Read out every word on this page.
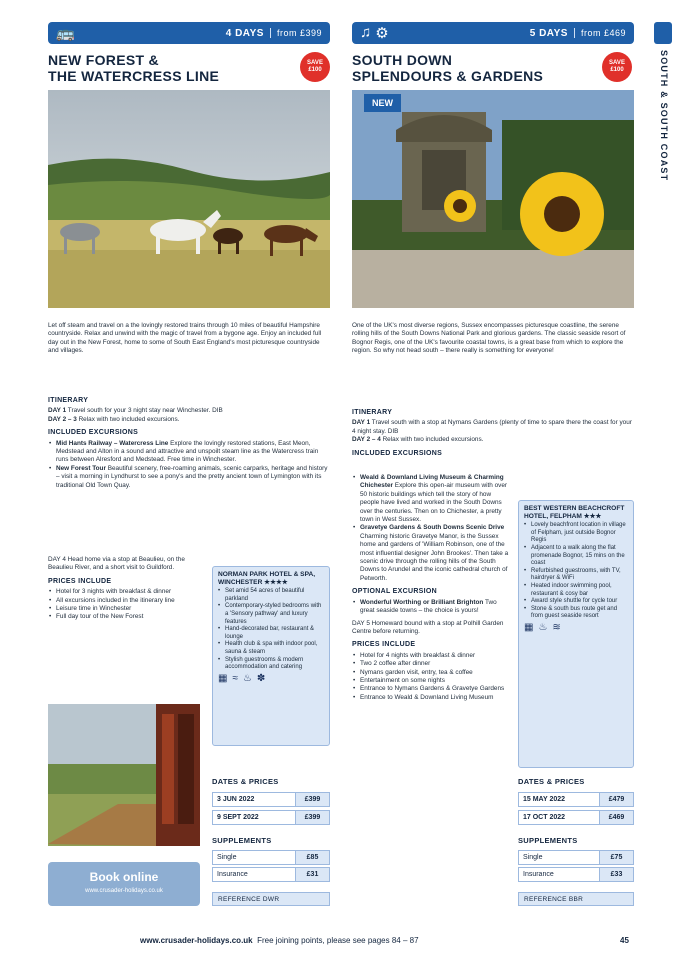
SOUTH & SOUTH COAST
🚌	4 DAYS from £399
NEW FOREST &
THE WATERCRESS LINE
SAVE £100
Let off steam and travel on a the lovingly restored trains through 10 miles of beautiful Hampshire countryside. Relax and unwind with the magic of travel from a bygone age. Enjoy an included full day out in the New Forest, home to some of South East England's most picturesque countryside and villages.
ITINERARY
DAY 1 Travel south for your 3 night stay near Winchester. DIB
DAY 2 – 3 Relax with two included excursions.
INCLUDED EXCURSIONS
• Mid Hants Railway – Watercress Line Explore the lovingly restored stations, East Meon, Medstead and Alton in a sound and attractive and unspoilt steam line as the Watercress train runs between Alresford and Medstead. Free time in Winchester.
• New Forest Tour Beautiful scenery, free-roaming animals, scenic carparks, heritage and history – visit a morning in Lyndhurst to see a pony's and the pretty ancient town of Lymington with its traditional Old Town Quay.
DAY 4 Head home via a stop at Beaulieu, on the Beaulieu River, and a short visit to Guildford.
PRICES INCLUDE
• Hotel for 3 nights with breakfast & dinner
• All excursions included in the itinerary line
• Leisure time in Winchester
• Full day tour of the New Forest
NORMAN PARK HOTEL & SPA, WINCHESTER ★★★★
• Set amid 54 acres of beautiful parkland
• Contemporary-styled bedrooms with a 'Sensory pathway' and luxury features
• Hand-decorated bar, restaurant & lounge
• Health club & spa with indoor pool, sauna & steam
• Stylish guestrooms & modern accommodation and catering
▦ ≈ ♨ ✽
Book online
www.crusader-holidays.co.uk
DATES & PRICES
3 JUN 2022	£399
9 SEPT 2022	£399
SUPPLEMENTS
Single	£85
Insurance	£31
REFERENCE DWR
♫ ⚙	5 DAYS from £469
SOUTH DOWN
SPLENDOURS & GARDENS
SAVE £100
NEW
One of the UK's most diverse regions, Sussex encompasses picturesque coastline, the serene rolling hills of the South Downs National Park and glorious gardens. The classic seaside resort of Bognor Regis, one of the UK's favourite coastal towns, is a great base from which to explore the region. So why not head south – there really is something for everyone!
ITINERARY
DAY 1 Travel south with a stop at Nymans Gardens (plenty of time to spare there the coast for your 4 night stay. DIB
DAY 2 – 4 Relax with two included excursions.
INCLUDED EXCURSIONS
• Weald & Downland Living Museum & Charming Chichester Explore this open-air museum with over 50 historic buildings which tell the story of how people have lived and worked in the South Downs over the centuries. Then on to Chichester, a pretty town in West Sussex.
• Gravetye Gardens & South Downs Scenic Drive Charming historic Gravetye Manor, is the Sussex home and gardens of 'William Robinson, one of the most influential designer John Brookes'. Then take a scenic drive through the rolling hills of the South Downs to Arundel and the iconic cathedral church of Petworth.
OPTIONAL EXCURSION
• Wonderful Worthing or Brilliant Brighton Two great seaside towns – the choice is yours!
DAY 5 Homeward bound with a stop at Polhill Garden Centre before returning.
PRICES INCLUDE
• Hotel for 4 nights with breakfast & dinner
• Two 2 coffee after dinner
• Nymans garden visit, entry, tea & coffee
• Entertainment on some nights
• Entrance to Nymans Gardens & Gravetye Gardens
• Entrance to Weald & Downland Living Museum
BEST WESTERN BEACHCROFT HOTEL, FELPHAM ★★★
• Lovely beachfront location in village of Felpham, just outside Bognor Regis
• Adjacent to a walk along the flat promenade Bognor, 15 mins on the coast
• Refurbished guestrooms, with TV, hairdryer & WiFi
• Heated indoor swimming pool, restaurant & cosy bar
• Award style shuttle for cycle tour
• Stone & south bus route get and from guest seaside resort
▦ ♨ ≋
DATES & PRICES
15 MAY 2022	£479
17 OCT 2022	£469
SUPPLEMENTS
Single	£75
Insurance	£33
REFERENCE BBR
www.crusader-holidays.co.uk Free joining points, please see pages 84 – 87	45
